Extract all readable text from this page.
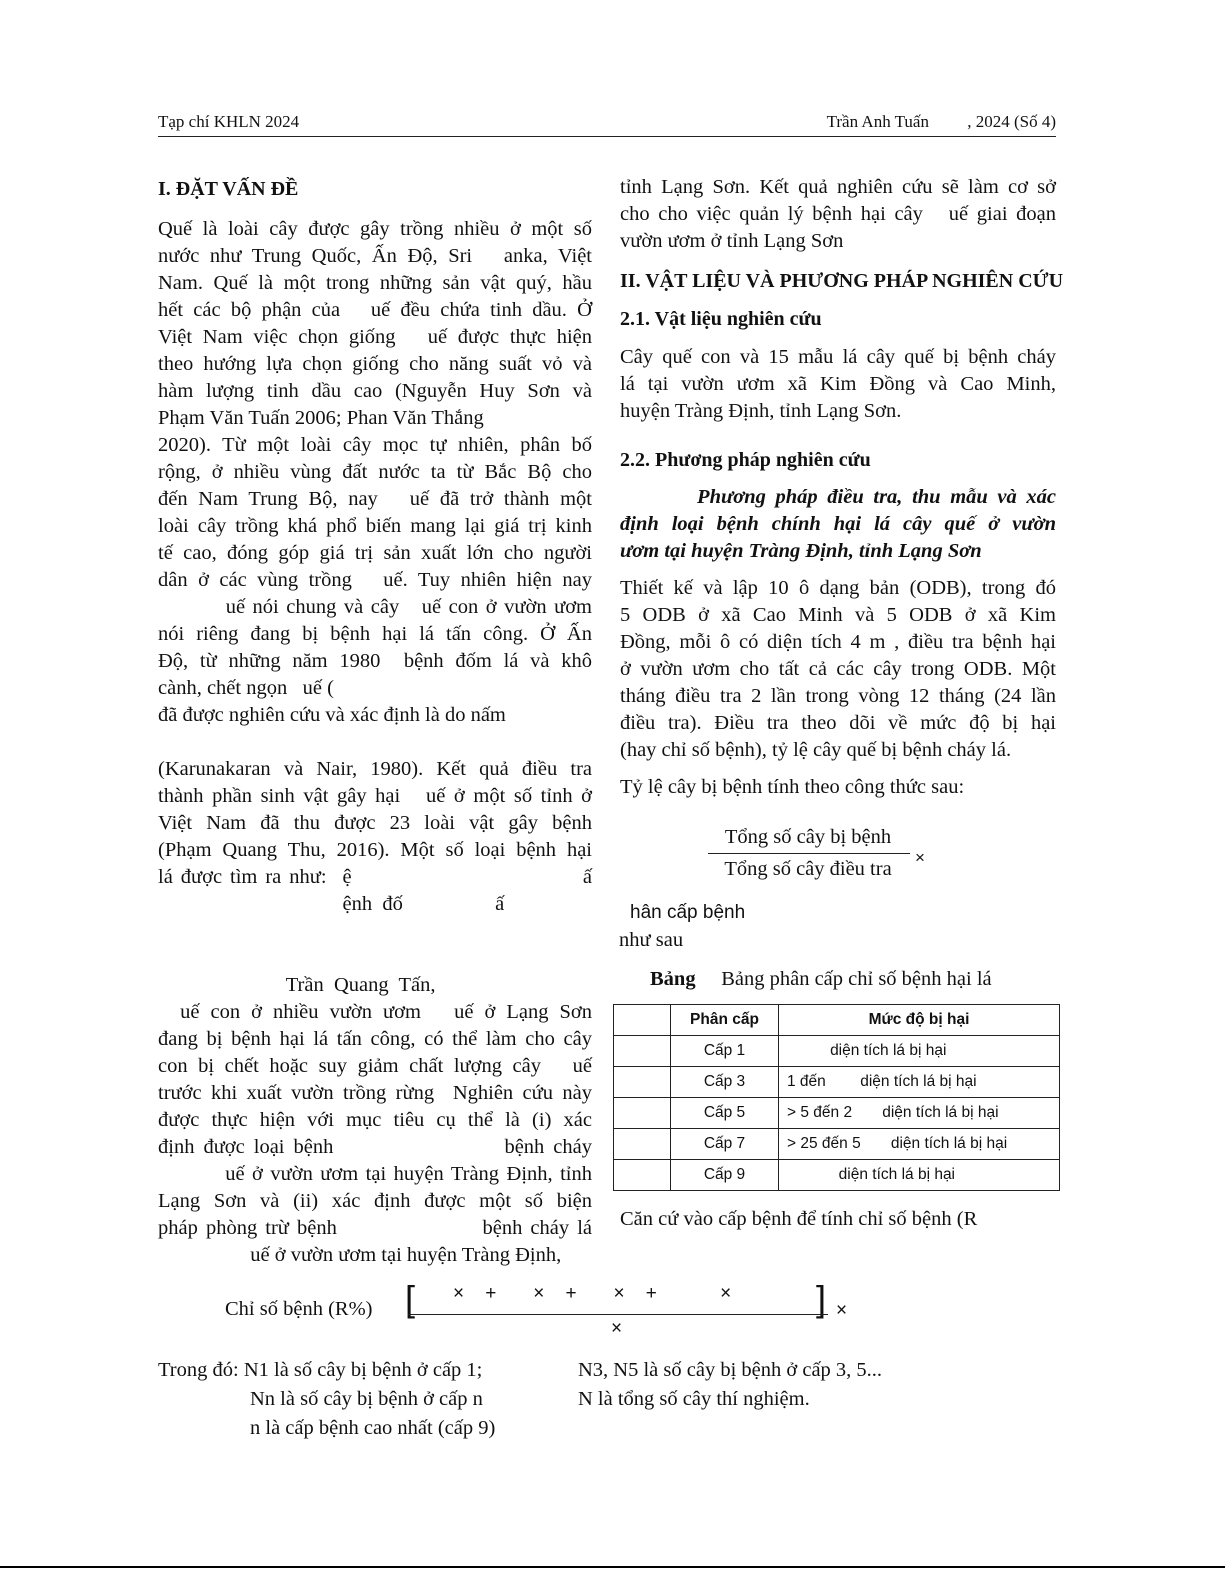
Tạp chí KHLN 2024	Trần Anh Tuấn         , 2024 (Số 4)
I. ĐẶT VẤN ĐỀ
Quế là loài cây được gây trồng nhiều ở một số
nước như Trung Quốc, Ấn Độ, Sri   anka, Việt
Nam. Quế là một trong những sản vật quý, hầu
hết các bộ phận của   uế đều chứa tinh dầu. Ở
Việt Nam việc chọn giống   uế được thực hiện
theo hướng lựa chọn giống cho năng suất vỏ và
hàm lượng tinh dầu cao (Nguyễn Huy Sơn và
Phạm Văn Tuấn 2006; Phan Văn Thắng
2020). Từ một loài cây mọc tự nhiên, phân bố
rộng, ở nhiều vùng đất nước ta từ Bắc Bộ cho
đến Nam Trung Bộ, nay   uế đã trở thành một
loài cây trồng khá phổ biến mang lại giá trị kinh
tế cao, đóng góp giá trị sản xuất lớn cho người
dân ở các vùng trồng   uế. Tuy nhiên hiện nay
uế nói chung và cây   uế con ở vườn ươm
nói riêng đang bị bệnh hại lá tấn công. Ở Ấn
Độ, từ những năm 1980  bệnh đốm lá và khô
cành, chết ngọn   uế (
đã được nghiên cứu và xác định là do nấm
(Karunakaran và Nair, 1980). Kết quả điều tra
thành phần sinh vật gây hại   uế ở một số tỉnh ở
Việt Nam đã thu được 23 loài vật gây bệnh
(Phạm Quang Thu, 2016). Một số loại bệnh hại
lá được tìm ra như:  ệ                             ấ
ệnh  đố                  ấ
Trần  Quang  Tấn,
uế con ở nhiều vườn ươm   uế ở Lạng Sơn
đang bị bệnh hại lá tấn công, có thể làm cho cây
con bị chết hoặc suy giảm chất lượng cây   uế
trước khi xuất vườn trồng rừng  Nghiên cứu này
được thực hiện với mục tiêu cụ thể là (i) xác
định được loại bệnh                   bệnh cháy
uế ở vườn ươm tại huyện Tràng Định, tỉnh
Lạng Sơn và (ii) xác định được một số biện
pháp phòng trừ bệnh                  bệnh cháy lá
uế ở vườn ươm tại huyện Tràng Định,
tỉnh Lạng Sơn. Kết quả nghiên cứu sẽ làm cơ sở
cho cho việc quản lý bệnh hại cây   uế giai đoạn
vườn ươm ở tỉnh Lạng Sơn
II. VẬT LIỆU VÀ PHƯƠNG PHÁP NGHIÊN CỨU
2.1. Vật liệu nghiên cứu
Cây quế con và 15 mẫu lá cây quế bị bệnh cháy
lá tại vườn ươm xã Kim Đồng và Cao Minh,
huyện Tràng Định, tỉnh Lạng Sơn.
2.2. Phương pháp nghiên cứu
Phương pháp điều tra, thu mẫu và xác
định loại bệnh chính hại lá cây quế ở vườn
ươm tại huyện Tràng Định, tỉnh Lạng Sơn
Thiết kế và lập 10 ô dạng bản (ODB), trong đó
5 ODB ở xã Cao Minh và 5 ODB ở xã Kim
Đồng, mỗi ô có diện tích 4 m , điều tra bệnh hại
ở vườn ươm cho tất cả các cây trong ODB. Một
tháng điều tra 2 lần trong vòng 12 tháng (24 lần
điều tra). Điều tra theo dõi về mức độ bị hại
(hay chỉ số bệnh), tỷ lệ cây quế bị bệnh cháy lá.
Tỷ lệ cây bị bệnh tính theo công thức sau:
Tổng số cây bị bệnh
Tổng số cây điều tra
×
hân cấp bệnh
như sau
Bảng     Bảng phân cấp chỉ số bệnh hại lá
	Phân cấp	Mức độ bị hại
	Cấp 1	diện tích lá bị hại
	Cấp 3	1 đến        diện tích lá bị hại
	Cấp 5	> 5 đến 2       diện tích lá bị hại
	Cấp 7	> 25 đến 5       diện tích lá bị hại
	Cấp 9	diện tích lá bị hại
Căn cứ vào cấp bệnh để tính chỉ số bệnh (R
Chỉ số bệnh (R%) [ ×    +       ×    +       ×    +            × ]
×
×
Trong đó: N1 là số cây bị bệnh ở cấp 1;	N3, N5 là số cây bị bệnh ở cấp 3, 5...
Nn là số cây bị bệnh ở cấp n	N là tổng số cây thí nghiệm.
n là cấp bệnh cao nhất (cấp 9)
